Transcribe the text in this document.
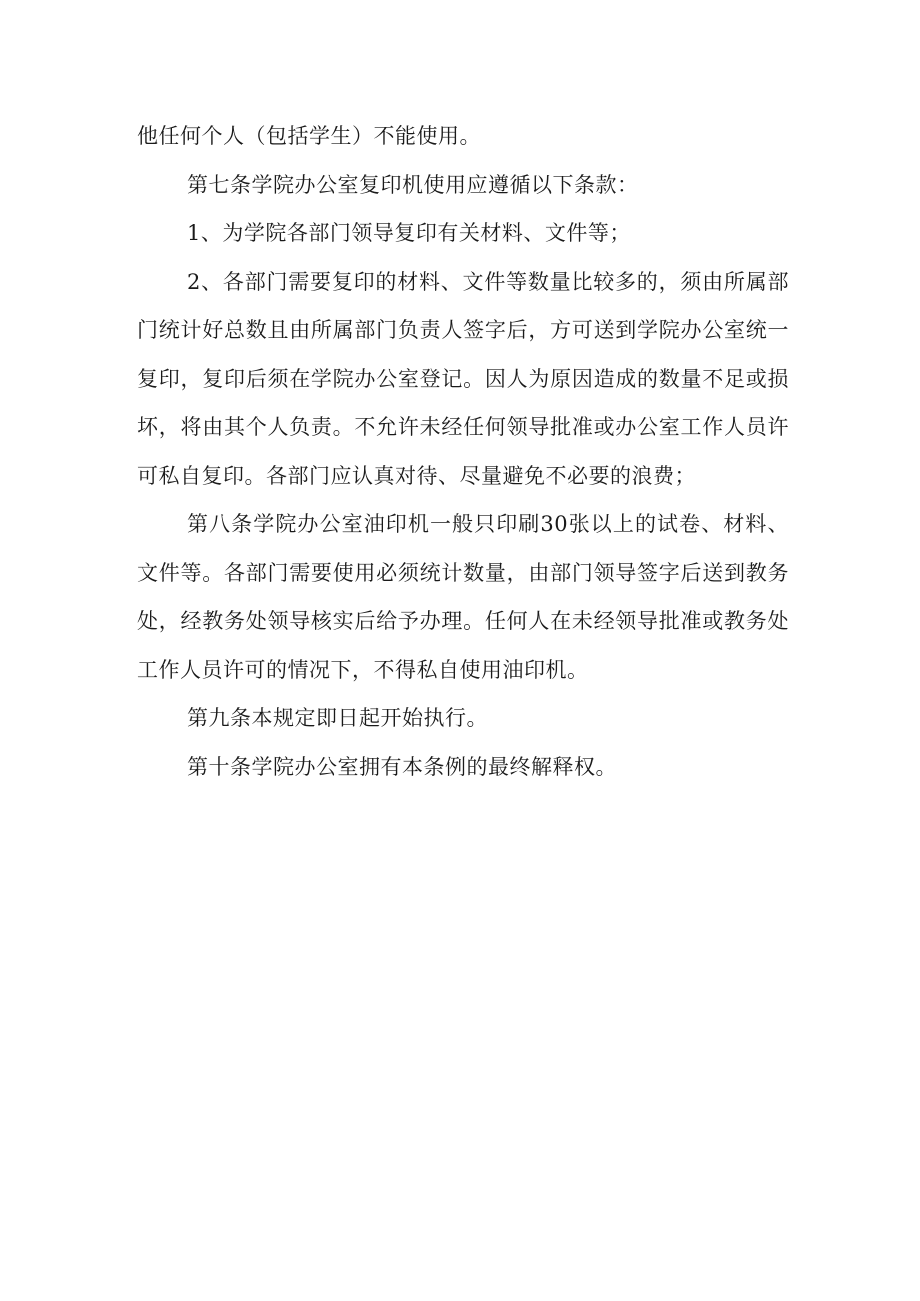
他任何个人（包括学生）不能使用。

第七条学院办公室复印机使用应遵循以下条款：

1、为学院各部门领导复印有关材料、文件等；

2、各部门需要复印的材料、文件等数量比较多的，须由所属部门统计好总数且由所属部门负责人签字后，方可送到学院办公室统一复印，复印后须在学院办公室登记。因人为原因造成的数量不足或损坏，将由其个人负责。不允许未经任何领导批准或办公室工作人员许可私自复印。各部门应认真对待、尽量避免不必要的浪费；

第八条学院办公室油印机一般只印刷30张以上的试卷、材料、文件等。各部门需要使用必须统计数量，由部门领导签字后送到教务处，经教务处领导核实后给予办理。任何人在未经领导批准或教务处工作人员许可的情况下，不得私自使用油印机。

第九条本规定即日起开始执行。

第十条学院办公室拥有本条例的最终解释权。
